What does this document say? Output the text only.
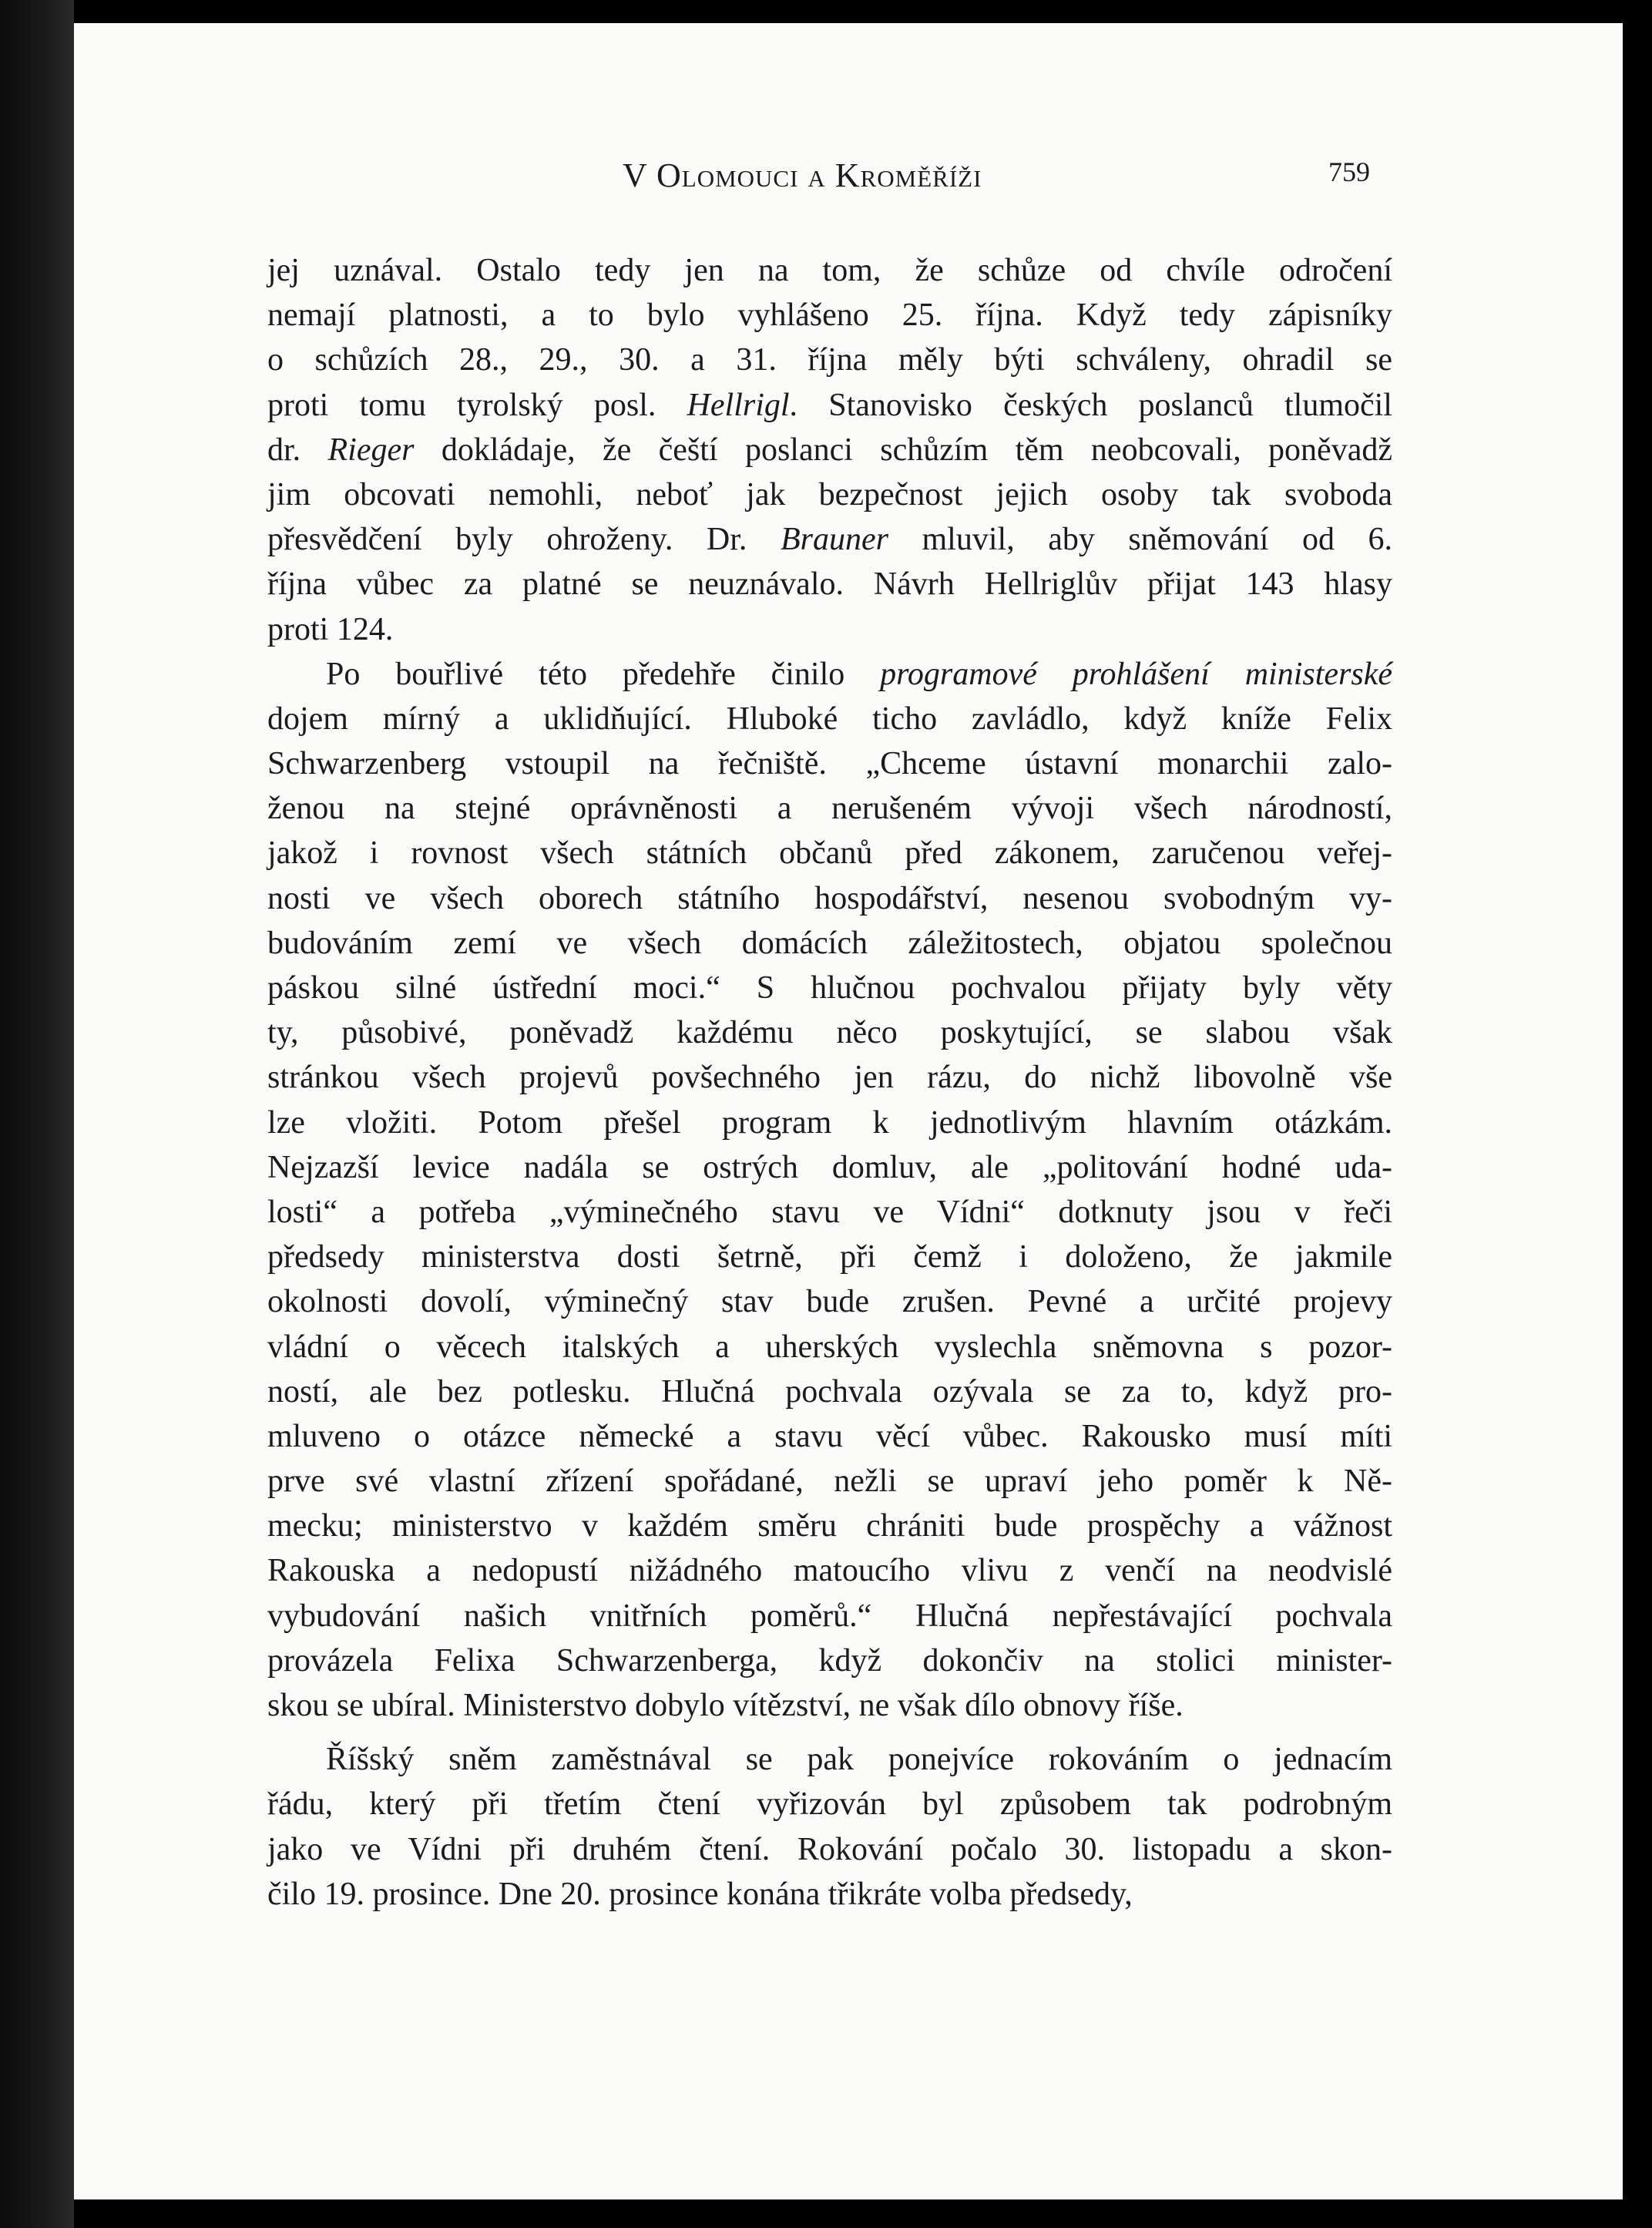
V Olomouci a Kroměříži	759
jej uznával. Ostalo tedy jen na tom, že schůze od chvíle odročení
nemají platnosti, a to bylo vyhlášeno 25. října. Když tedy zápisníky
o schůzích 28., 29., 30. a 31. října měly býti schváleny, ohradil se
proti tomu tyrolský posl. Hellrigl. Stanovisko českých poslanců tlumočil
dr. Rieger dokládaje, že čeští poslanci schůzím těm neobcovali, poněvadž
jim obcovati nemohli, neboť jak bezpečnost jejich osoby tak svoboda
přesvědčení byly ohroženy. Dr. Brauner mluvil, aby sněmování od 6.
října vůbec za platné se neuznávalo. Návrh Hellriglův přijat 143 hlasy
proti 124.
Po bouřlivé této předehře činilo programové prohlášení ministerské
dojem mírný a uklidňující. Hluboké ticho zavládlo, když kníže Felix
Schwarzenberg vstoupil na řečniště. „Chceme ústavní monarchii zalo-
ženou na stejné oprávněnosti a nerušeném vývoji všech národností,
jakož i rovnost všech státních občanů před zákonem, zaručenou veřej-
nosti ve všech oborech státního hospodářství, nesenou svobodným vy-
budováním zemí ve všech domácích záležitostech, objatou společnou
páskou silné ústřední moci.“ S hlučnou pochvalou přijaty byly věty
ty, působivé, poněvadž každému něco poskytující, se slabou však
stránkou všech projevů povšechného jen rázu, do nichž libovolně vše
lze vložiti. Potom přešel program k jednotlivým hlavním otázkám.
Nejzazší levice nadála se ostrých domluv, ale „politování hodné uda-
losti“ a potřeba „výminečného stavu ve Vídni“ dotknuty jsou v řeči
předsedy ministerstva dosti šetrně, při čemž i doloženo, že jakmile
okolnosti dovolí, výminečný stav bude zrušen. Pevné a určité projevy
vládní o věcech italských a uherských vyslechla sněmovna s pozor-
ností, ale bez potlesku. Hlučná pochvala ozývala se za to, když pro-
mluveno o otázce německé a stavu věcí vůbec. Rakousko musí míti
prve své vlastní zřízení spořádané, nežli se upraví jeho poměr k Ně-
mecku; ministerstvo v každém směru chrániti bude prospěchy a vážnost
Rakouska a nedopustí nižádného matoucího vlivu z venčí na neodvislé
vybudování našich vnitřních poměrů.“ Hlučná nepřestávající pochvala
provázela Felixa Schwarzenberga, když dokončiv na stolici minister-
skou se ubíral. Ministerstvo dobylo vítězství, ne však dílo obnovy říše.
Říšský sněm zaměstnával se pak ponejvíce rokováním o jednacím
řádu, který při třetím čtení vyřizován byl způsobem tak podrobným
jako ve Vídni při druhém čtení. Rokování počalo 30. listopadu a skon-
čilo 19. prosince. Dne 20. prosince konána třikráte volba předsedy,
